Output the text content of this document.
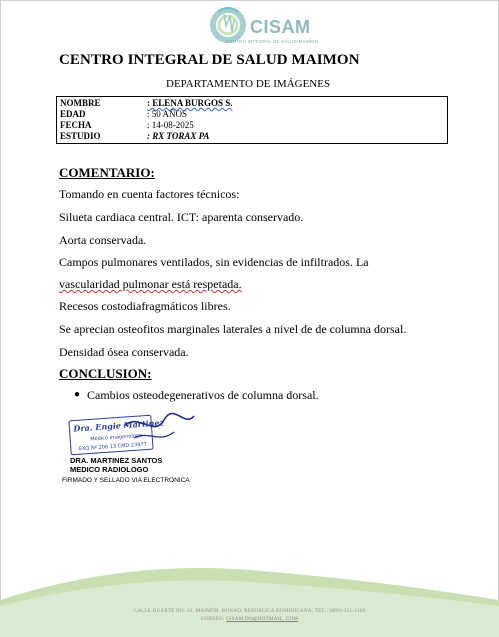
CISAM
CENTRO INTEGRAL DE SALUD MAIMON
CENTRO INTEGRAL DE SALUD MAIMON
DEPARTAMENTO DE IMÁGENES
NOMBRE	: ELENA BURGOS S.
EDAD	: 50 AÑOS
FECHA	: 14-08-2025
ESTUDIO	: RX TORAX PA
COMENTARIO:
Tomando en cuenta factores técnicos:
Silueta cardiaca central. ICT: aparenta conservado.
Aorta conservada.
Campos pulmonares ventilados, sin evidencias de infiltrados. La
vascularidad pulmonar está respetada.
Recesos costodiafragmáticos libres.
Se aprecian osteofitos marginales laterales a nivel de de columna dorsal.
Densidad ósea conservada.
CONCLUSION:
● Cambios osteodegenerativos de columna dorsal.
Dra. Engie Martinez
Medico Imagenologo
EXQ Nº 206 13 CMD 23977
DRA. MARTINEZ SANTOS
MEDICO RADIOLOGO
FIRMADO Y SELLADO VIA ELECTRONICA
CALLE DUARTE NO. 13, MAIMÓN, BONAO, REPUBLICA DOMINICANA, TEL.: (809)-551-2166
CORREO: CISAM.DO@HOTMAIL .COM
